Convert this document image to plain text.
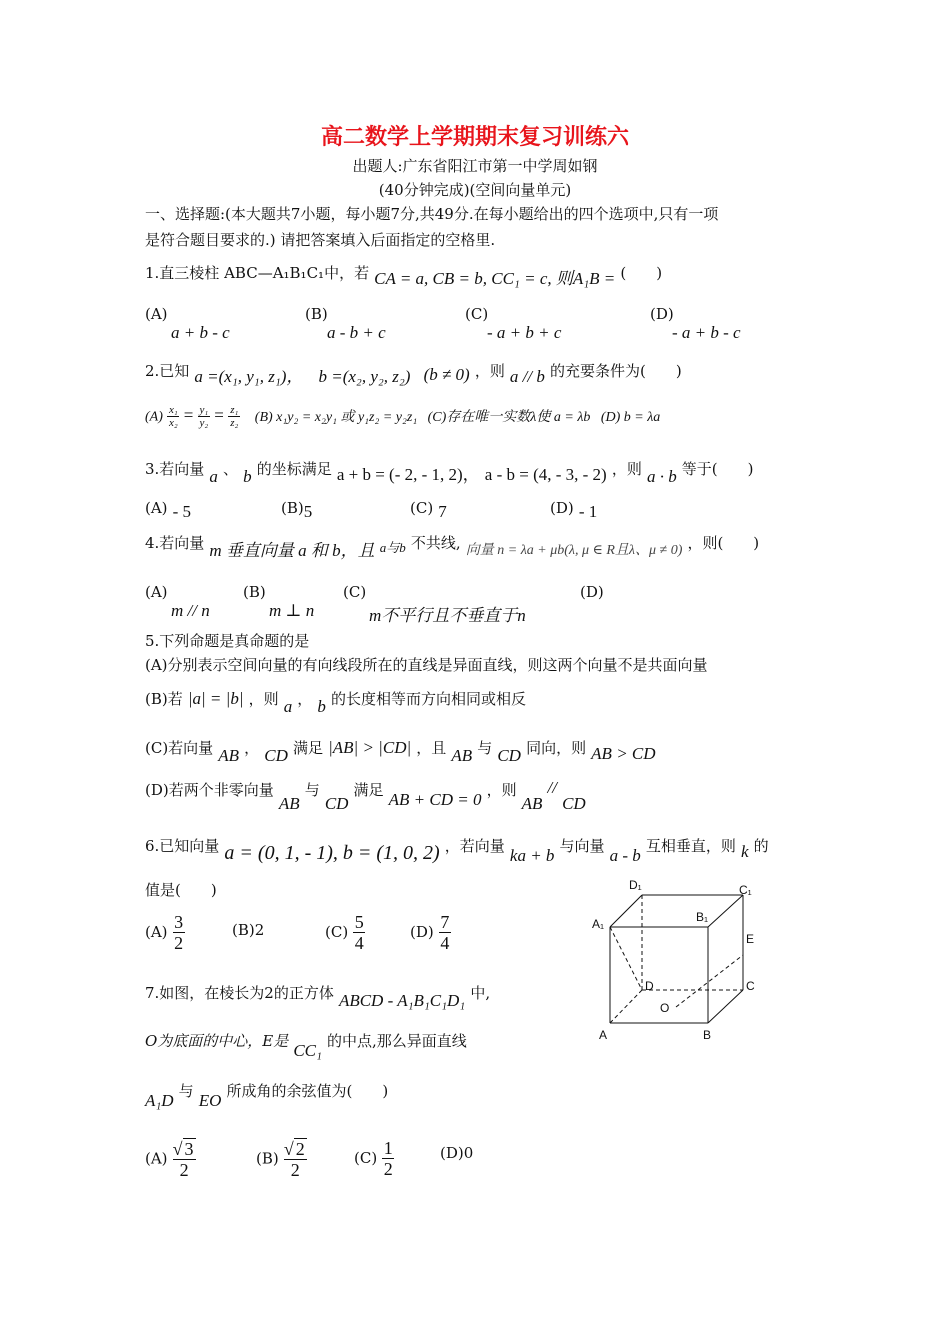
高二数学上学期期末复习训练六
出题人:广东省阳江市第一中学周如钢
(40分钟完成)(空间向量单元)
一、选择题:(本大题共7小题，每小题7分,共49分.在每小题给出的四个选项中,只有一项
是符合题目要求的.) 请把答案填入后面指定的空格里.
1.直三棱柱 ABC—A₁B₁C₁中，若 CA = a, CB = b, CC₁ = c, 则A₁B = (　　)
(A)
a + b - c
(B)
a - b + c
(C)
- a + b + c
(D)
- a + b - c
2.已知 a =(x₁, y₁, z₁)， b =(x₂, y₂, z₂) (b ≠ 0) ，则 a // b 的充要条件为(　　)
$(A) \frac{\text{x₁}}{\text{x₂}} = \frac{\text{y₁}}{\text{y₂}} = \frac{\text{z₁}}{\text{z₂}} (B) x_1y_2 = x_2y_1$ 或 y₁z₂ = y₂z₁ (C)存在唯一实数λ使 a = λb (D) b = λa
3.若向量 a 、 b 的坐标满足 a + b = (- 2, - 1, 2)， a - b = (4, - 3, - 2) ，则 a · b 等于(　　)
(A) - 5	(B)5	(C) 7	(D) - 1
4.若向量 m 垂直向量 a 和 b，且 $_{a与b}$ 不共线, 向量 n = λa + μb(λ, μ ∈ R且λ、μ ≠ 0) ，则(　　)
(A)
m // n
(B)
m ⊥ n
(C)
m不平行且不垂直于n
(D)
5.下列命题是真命题的是
(A)分别表示空间向量的有向线段所在的直线是异面直线，则这两个向量不是共面向量
(B)若 |a| = |b| ，则 a ， b 的长度相等而方向相同或相反
(C)若向量 AB ， CD 满足 |AB| > |CD| ，且 AB 与 CD 同向，则 AB > CD
(D)若两个非零向量 AB 与 CD 满足 AB + CD = 0 ，则 AB // CD
6.已知向量 a = (0, 1, - 1), b = (1, 0, 2) ，若向量 ka + b 与向量 a - b 互相垂直，则 k 的
值是(　　)
$(A) \frac{3}{2}$	(B)2	$(C) \frac{5}{4}$	$(D) \frac{7}{4}$
7.如图，在棱长为2的正方体 ABCD - A₁B₁C₁D₁ 中,
O为底面的中心，E是 CC₁ 的中点,那么异面直线
A₁D 与 EO 所成角的余弦值为(　　)
$(A) \frac{√ 3}{2}$	$(B) \frac{√ 2}{2}$	$(C) \frac{1}{2}$	(D)0
D₁	C₁
A₁	B₁
E
C
D
O
A	B
